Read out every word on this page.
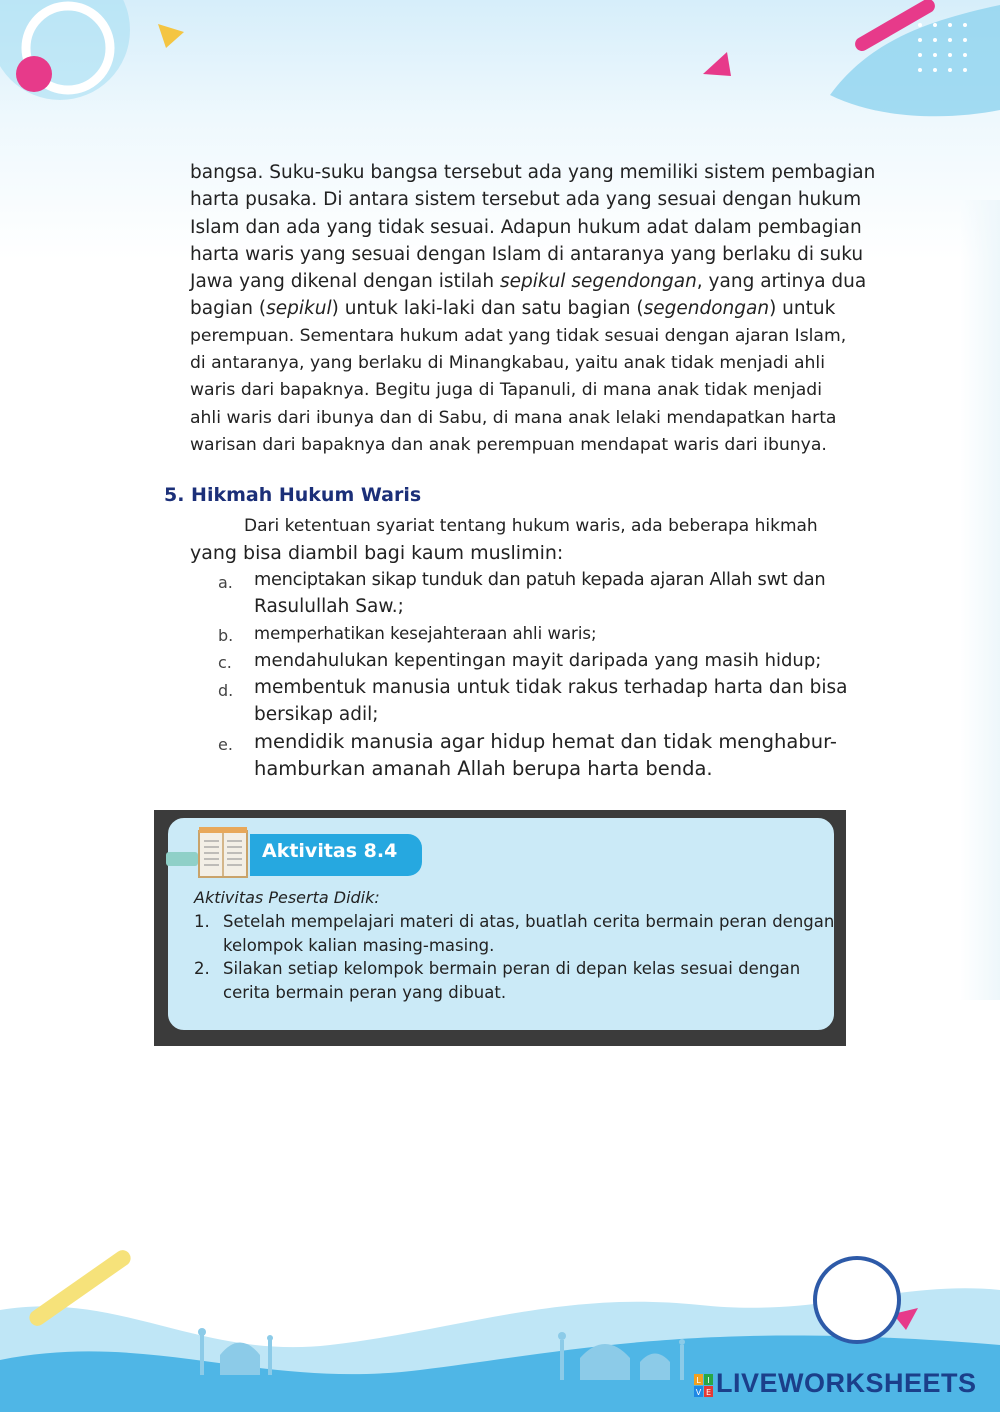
bangsa. Suku-suku bangsa tersebut ada yang memiliki sistem pembagian
harta pusaka. Di antara sistem tersebut ada yang sesuai dengan hukum
Islam dan ada yang tidak sesuai. Adapun hukum adat dalam pembagian
harta waris yang sesuai dengan Islam di antaranya yang berlaku di suku
Jawa yang dikenal dengan istilah sepikul segendongan, yang artinya dua
bagian (sepikul) untuk laki-laki dan satu bagian (segendongan) untuk
perempuan. Sementara hukum adat yang tidak sesuai dengan ajaran Islam,
di antaranya, yang berlaku di Minangkabau, yaitu anak tidak menjadi ahli
waris dari bapaknya. Begitu juga di Tapanuli, di mana anak tidak menjadi
ahli waris dari ibunya dan di Sabu, di mana anak lelaki mendapatkan harta
warisan dari bapaknya dan anak perempuan mendapat waris dari ibunya.
5. Hikmah Hukum Waris
Dari ketentuan syariat tentang hukum waris, ada beberapa hikmah
yang bisa diambil bagi kaum muslimin:
a.	menciptakan sikap tunduk dan patuh kepada ajaran Allah swt dan
Rasulullah Saw.;
b.	memperhatikan kesejahteraan ahli waris;
c.	mendahulukan kepentingan mayit daripada yang masih hidup;
d.	membentuk manusia untuk tidak rakus terhadap harta dan bisa
bersikap adil;
e.	mendidik manusia agar hidup hemat dan tidak menghabur-
hamburkan amanah Allah berupa harta benda.
Aktivitas 8.4
Aktivitas Peserta Didik:
1. Setelah mempelajari materi di atas, buatlah cerita bermain peran dengan
kelompok kalian masing-masing.
2. Silakan setiap kelompok bermain peran di depan kelas sesuai dengan
cerita bermain peran yang dibuat.
L I
V E LIVEWORKSHEETS
